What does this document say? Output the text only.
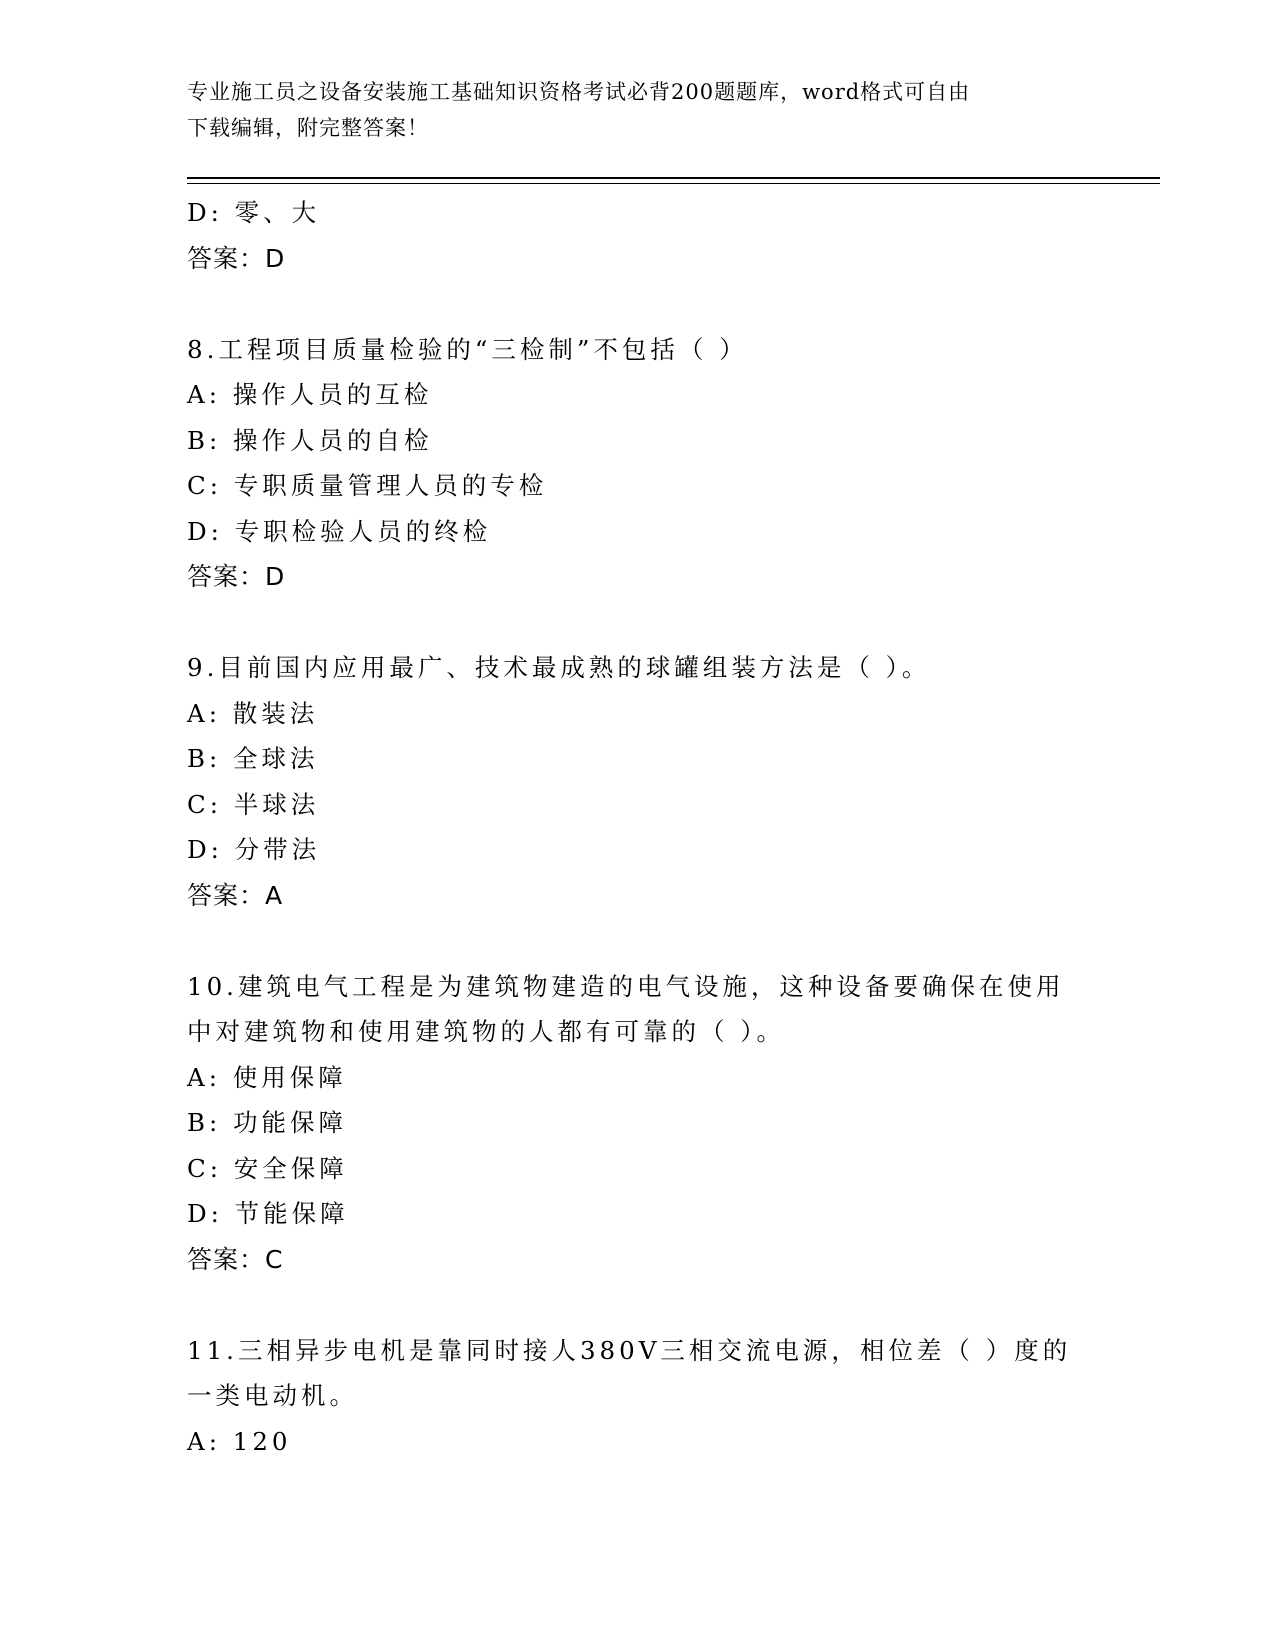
专业施工员之设备安装施工基础知识资格考试必背200题题库，word格式可自由
下载编辑，附完整答案！
D: 零、大
答案：D
8.工程项目质量检验的“三检制”不包括（ ）
A: 操作人员的互检
B: 操作人员的自检
C: 专职质量管理人员的专检
D: 专职检验人员的终检
答案：D
9.目前国内应用最广、技术最成熟的球罐组装方法是（ ）。
A: 散装法
B: 全球法
C: 半球法
D: 分带法
答案：A
10.建筑电气工程是为建筑物建造的电气设施，这种设备要确保在使用
中对建筑物和使用建筑物的人都有可靠的（ ）。
A: 使用保障
B: 功能保障
C: 安全保障
D: 节能保障
答案：C
11.三相异步电机是靠同时接人380V三相交流电源，相位差（ ）度的
一类电动机。
A: 120
